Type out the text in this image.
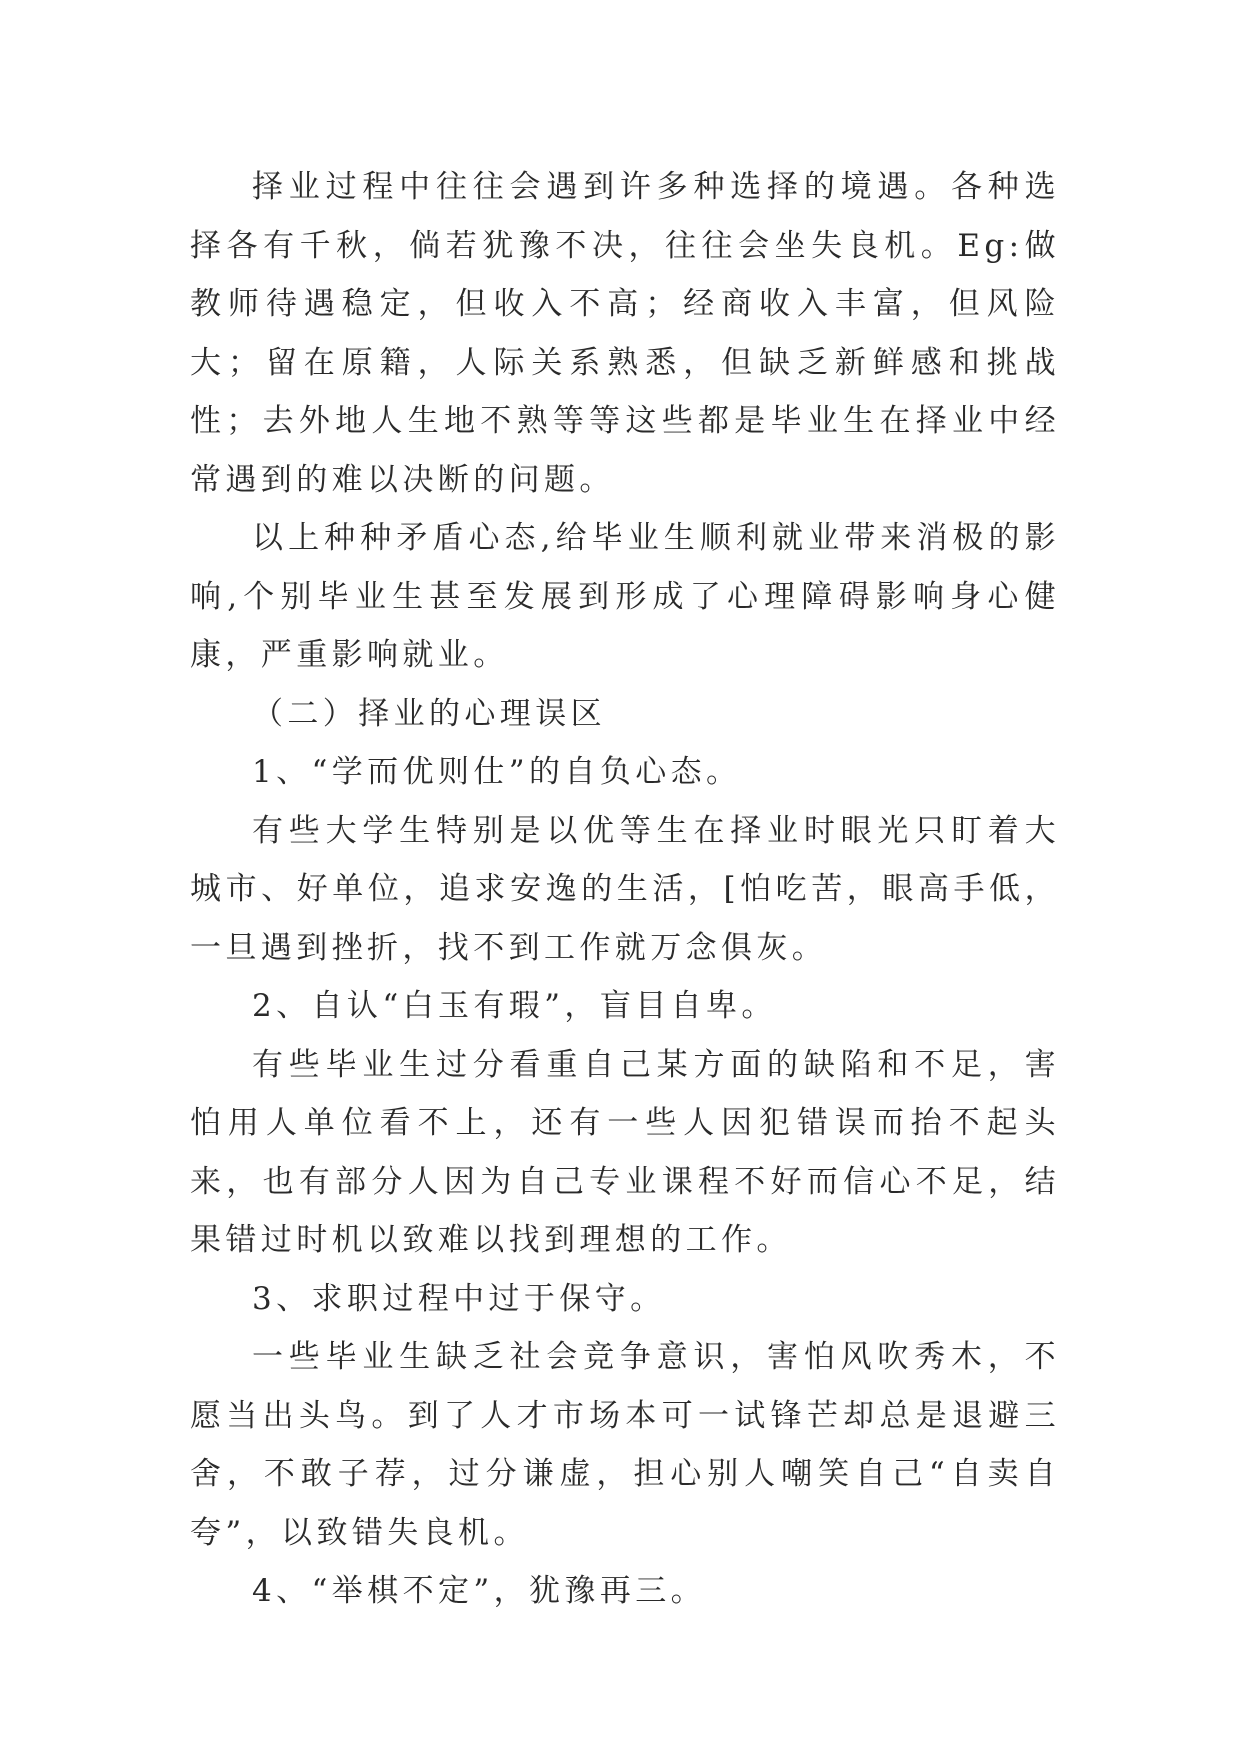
择业过程中往往会遇到许多种选择的境遇。各种选择各有千秋，倘若犹豫不决，往往会坐失良机。Eg:做教师待遇稳定，但收入不高；经商收入丰富，但风险大；留在原籍，人际关系熟悉，但缺乏新鲜感和挑战性；去外地人生地不熟等等这些都是毕业生在择业中经常遇到的难以决断的问题。

以上种种矛盾心态,给毕业生顺利就业带来消极的影响,个别毕业生甚至发展到形成了心理障碍影响身心健康，严重影响就业。

（二）择业的心理误区

1、“学而优则仕”的自负心态。

有些大学生特别是以优等生在择业时眼光只盯着大城市、好单位，追求安逸的生活，[怕吃苦，眼高手低，一旦遇到挫折，找不到工作就万念俱灰。

2、自认“白玉有瑕”，盲目自卑。

有些毕业生过分看重自己某方面的缺陷和不足，害怕用人单位看不上，还有一些人因犯错误而抬不起头来，也有部分人因为自己专业课程不好而信心不足，结果错过时机以致难以找到理想的工作。

3、求职过程中过于保守。

一些毕业生缺乏社会竞争意识，害怕风吹秀木，不愿当出头鸟。到了人才市场本可一试锋芒却总是退避三舍，不敢子荐，过分谦虚，担心别人嘲笑自己“自卖自夸”，以致错失良机。

4、“举棋不定”，犹豫再三。
